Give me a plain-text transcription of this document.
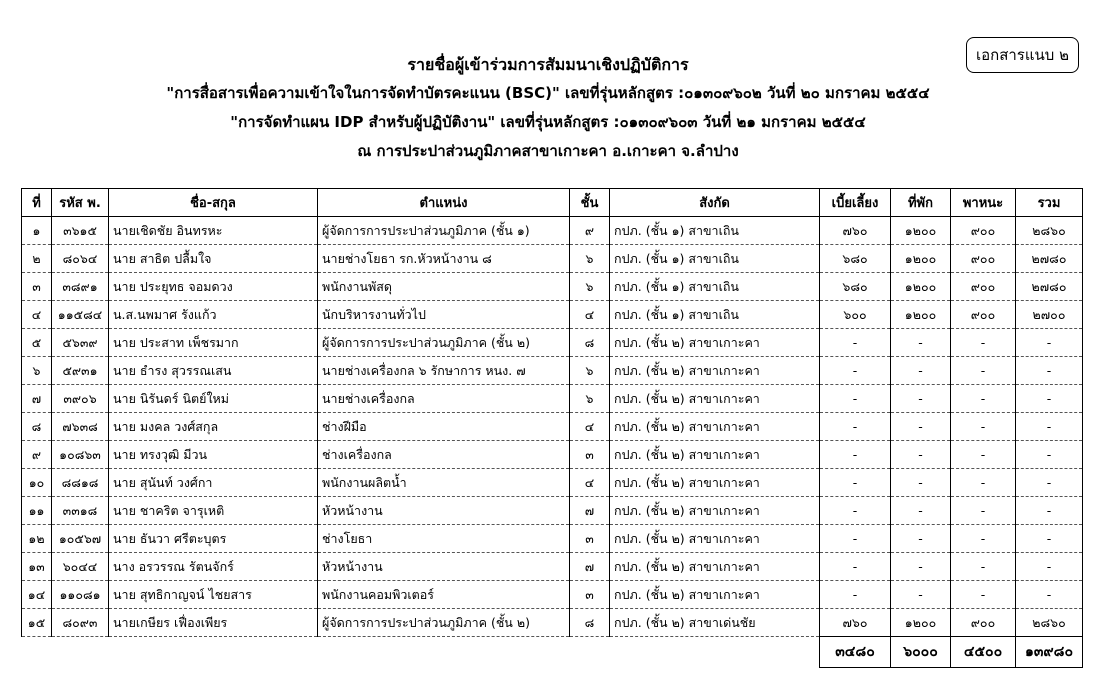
เอกสารแนบ ๒
รายชื่อผู้เข้าร่วมการสัมมนาเชิงปฏิบัติการ
"การสื่อสารเพื่อความเข้าใจในการจัดทำบัตรคะแนน (BSC)" เลขที่รุ่นหลักสูตร :๐๑๓๐๙๖๐๒ วันที่ ๒๐ มกราคม ๒๕๕๔
"การจัดทำแผน IDP สำหรับผู้ปฏิบัติงาน" เลขที่รุ่นหลักสูตร :๐๑๓๐๙๖๐๓ วันที่ ๒๑ มกราคม ๒๕๕๔
ณ การประปาส่วนภูมิภาคสาขาเกาะคา อ.เกาะคา จ.ลำปาง
ที่	รหัส พ.	ชื่อ-สกุล	ตำแหน่ง	ชั้น	สังกัด	เบี้ยเลี้ยง	ที่พัก	พาหนะ	รวม
๑	๓๖๑๕	นายเชิดชัย อินทรหะ	ผู้จัดการการประปาส่วนภูมิภาค (ชั้น ๑)	๙	กปภ. (ชั้น ๑) สาขาเถิน	๗๖๐	๑๒๐๐	๙๐๐	๒๘๖๐
๒	๘๐๖๔	นาย สาธิต ปลื้มใจ	นายช่างโยธา รก.หัวหน้างาน ๘	๖	กปภ. (ชั้น ๑) สาขาเถิน	๖๘๐	๑๒๐๐	๙๐๐	๒๗๘๐
๓	๓๘๙๑	นาย ประยุทธ จอมดวง	พนักงานพัสดุ	๖	กปภ. (ชั้น ๑) สาขาเถิน	๖๘๐	๑๒๐๐	๙๐๐	๒๗๘๐
๔	๑๑๕๘๔	น.ส.นพมาศ รังแก้ว	นักบริหารงานทั่วไป	๔	กปภ. (ชั้น ๑) สาขาเถิน	๖๐๐	๑๒๐๐	๙๐๐	๒๗๐๐
๕	๕๖๓๙	นาย ประสาท เพ็ชรมาก	ผู้จัดการการประปาส่วนภูมิภาค (ชั้น ๒)	๘	กปภ. (ชั้น ๒) สาขาเกาะคา	-	-	-	-
๖	๕๙๓๑	นาย ธำรง สุวรรณเสน	นายช่างเครื่องกล ๖ รักษาการ หนง. ๗	๖	กปภ. (ชั้น ๒) สาขาเกาะคา	-	-	-	-
๗	๓๙๐๖	นาย นิรันดร์ นิตย์ใหม่	นายช่างเครื่องกล	๖	กปภ. (ชั้น ๒) สาขาเกาะคา	-	-	-	-
๘	๗๖๓๘	นาย มงคล วงศ์สกุล	ช่างฝีมือ	๔	กปภ. (ชั้น ๒) สาขาเกาะคา	-	-	-	-
๙	๑๐๘๖๓	นาย ทรงวุฒิ มีวน	ช่างเครื่องกล	๓	กปภ. (ชั้น ๒) สาขาเกาะคา	-	-	-	-
๑๐	๘๘๑๘	นาย สุนันท์ วงศ์กา	พนักงานผลิตน้ำ	๔	กปภ. (ชั้น ๒) สาขาเกาะคา	-	-	-	-
๑๑	๓๓๑๘	นาย ชาคริต จารุเหติ	หัวหน้างาน	๗	กปภ. (ชั้น ๒) สาขาเกาะคา	-	-	-	-
๑๒	๑๐๕๖๗	นาย ธันวา ศรีตะบุตร	ช่างโยธา	๓	กปภ. (ชั้น ๒) สาขาเกาะคา	-	-	-	-
๑๓	๖๐๔๔	นาง อรวรรณ รัตนจักร์	หัวหน้างาน	๗	กปภ. (ชั้น ๒) สาขาเกาะคา	-	-	-	-
๑๔	๑๑๐๘๑	นาย สุทธิกาญจน์ ไชยสาร	พนักงานคอมพิวเตอร์	๓	กปภ. (ชั้น ๒) สาขาเกาะคา	-	-	-	-
๑๕	๘๐๙๓	นายเกษียร เฟื่องเพียร	ผู้จัดการการประปาส่วนภูมิภาค (ชั้น ๒)	๘	กปภ. (ชั้น ๒) สาขาเด่นชัย	๗๖๐	๑๒๐๐	๙๐๐	๒๘๖๐
						๓๔๘๐	๖๐๐๐	๔๕๐๐	๑๓๙๘๐
